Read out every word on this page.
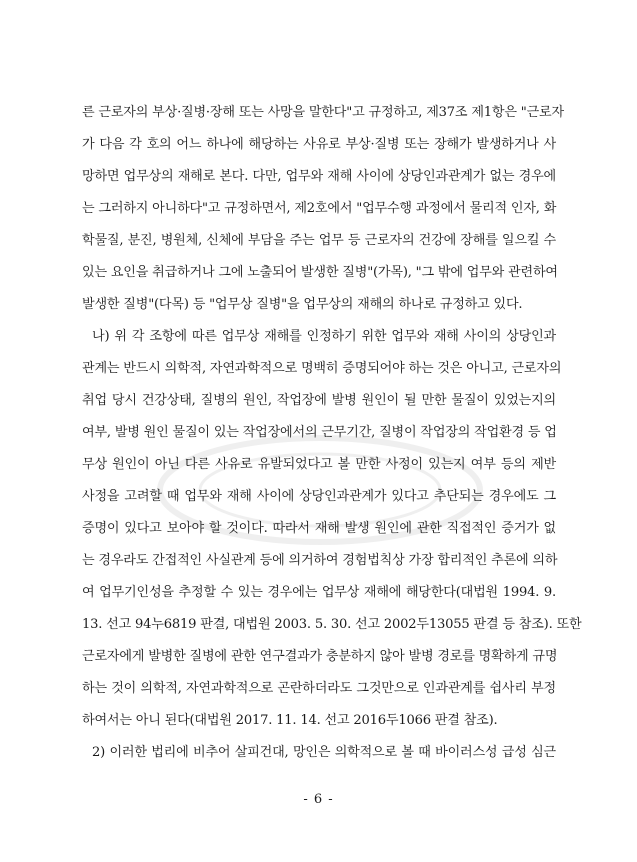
른 근로자의 부상·질병·장해 또는 사망을 말한다"고 규정하고, 제37조 제1항은 "근로자
가 다음 각 호의 어느 하나에 해당하는 사유로 부상·질병 또는 장해가 발생하거나 사
망하면 업무상의 재해로 본다. 다만, 업무와 재해 사이에 상당인과관계가 없는 경우에
는 그러하지 아니하다"고 규정하면서, 제2호에서 "업무수행 과정에서 물리적 인자, 화
학물질, 분진, 병원체, 신체에 부담을 주는 업무 등 근로자의 건강에 장해를 일으킬 수
있는 요인을 취급하거나 그에 노출되어 발생한 질병"(가목), "그 밖에 업무와 관련하여
발생한 질병"(다목) 등 "업무상 질병"을 업무상의 재해의 하나로 규정하고 있다.
나) 위 각 조항에 따른 업무상 재해를 인정하기 위한 업무와 재해 사이의 상당인과
관계는 반드시 의학적, 자연과학적으로 명백히 증명되어야 하는 것은 아니고, 근로자의
취업 당시 건강상태, 질병의 원인, 작업장에 발병 원인이 될 만한 물질이 있었는지의
여부, 발병 원인 물질이 있는 작업장에서의 근무기간, 질병이 작업장의 작업환경 등 업
무상 원인이 아닌 다른 사유로 유발되었다고 볼 만한 사정이 있는지 여부 등의 제반
사정을 고려할 때 업무와 재해 사이에 상당인과관계가 있다고 추단되는 경우에도 그
증명이 있다고 보아야 할 것이다. 따라서 재해 발생 원인에 관한 직접적인 증거가 없
는 경우라도 간접적인 사실관계 등에 의거하여 경험법칙상 가장 합리적인 추론에 의하
여 업무기인성을 추정할 수 있는 경우에는 업무상 재해에 해당한다(대법원 1994. 9.
13. 선고 94누6819 판결, 대법원 2003. 5. 30. 선고 2002두13055 판결 등 참조). 또한
근로자에게 발병한 질병에 관한 연구결과가 충분하지 않아 발병 경로를 명확하게 규명
하는 것이 의학적, 자연과학적으로 곤란하더라도 그것만으로 인과관계를 쉽사리 부정
하여서는 아니 된다(대법원 2017. 11. 14. 선고 2016두1066 판결 참조).
2) 이러한 법리에 비추어 살피건대, 망인은 의학적으로 볼 때 바이러스성 급성 심근
- 6 -
